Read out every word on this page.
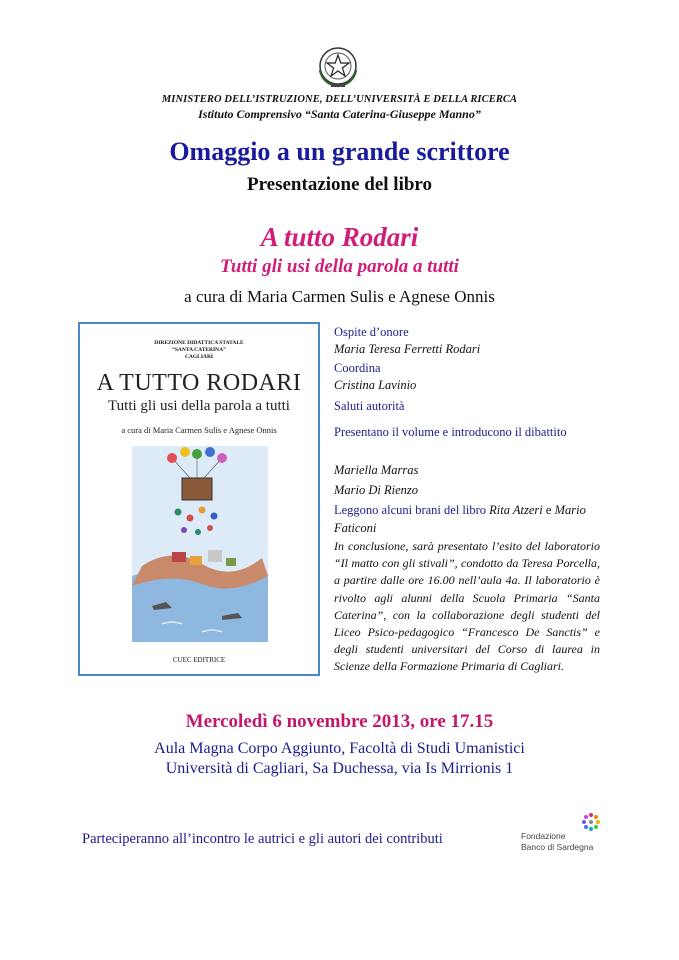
MINISTERO DELL’ISTRUZIONE, DELL’UNIVERSITÀ E DELLA RICERCA
Istituto Comprensivo “Santa Caterina-Giuseppe Manno”
Omaggio a un grande scrittore
Presentazione del libro
A tutto Rodari
Tutti gli usi della parola a tutti
a cura di Maria Carmen Sulis e Agnese Onnis
DIREZIONE DIDATTICA STATALE
“SANTA CATERINA”
CAGLIARI
A TUTTO RODARI
Tutti gli usi della parola a tutti
a cura di Maria Carmen Sulis e Agnese Onnis
CUEC EDITRICE
Ospite d’onore
Maria Teresa Ferretti Rodari
Coordina
Cristina Lavinio
Saluti autorità
Presentano il volume e introducono il dibattito
Mariella Marras
Mario Di Rienzo
Leggono alcuni brani del libro Rita Atzeri e Mario Faticoni
In conclusione, sarà presentato l’esito del laboratorio “Il matto con gli stivali”, condotto da Teresa Porcella, a partire dalle ore 16.00 nell’aula 4a. Il laboratorio è rivolto agli alunni della Scuola Primaria “Santa Caterina”, con la collaborazione degli studenti del Liceo Psico-pedagogico “Francesco De Sanctis” e degli studenti universitari del Corso di laurea in Scienze della Formazione Primaria di Cagliari.
Mercoledì 6 novembre 2013, ore 17.15
Aula Magna Corpo Aggiunto, Facoltà di Studi Umanistici
Università di Cagliari, Sa Duchessa, via Is Mirrionis 1
Parteciperanno all’incontro le autrici e gli autori dei contributi	Fondazione
Banco di Sardegna
